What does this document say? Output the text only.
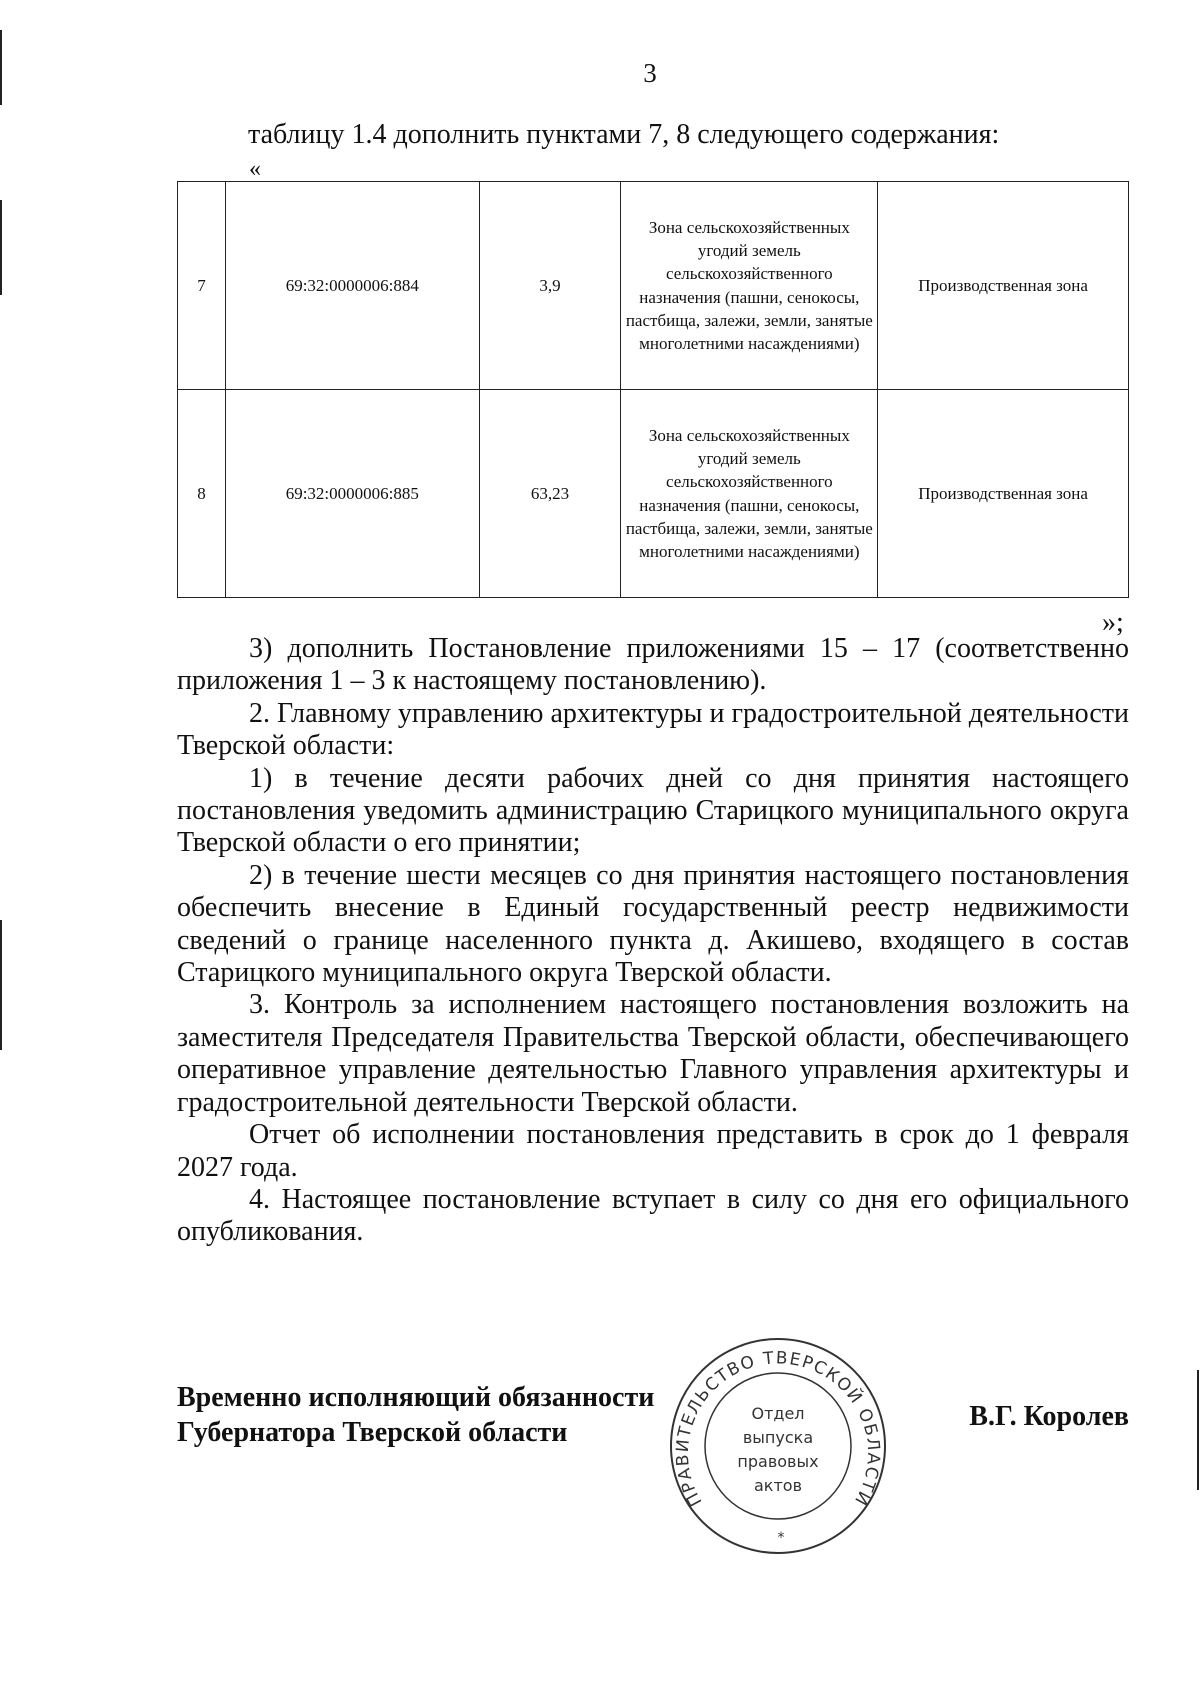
3
таблицу 1.4 дополнить пунктами 7, 8 следующего содержания:
«
7	69:32:0000006:884	3,9	Зона сельскохозяйственных угодий земель сельскохозяйственного назначения (пашни, сенокосы, пастбища, залежи, земли, занятые многолетними насаждениями)	Производственная зона
8	69:32:0000006:885	63,23	Зона сельскохозяйственных угодий земель сельскохозяйственного назначения (пашни, сенокосы, пастбища, залежи, земли, занятые многолетними насаждениями)	Производственная зона
»;

3) дополнить Постановление приложениями 15 – 17 (соответственно приложения 1 – 3 к настоящему постановлению).

2. Главному управлению архитектуры и градостроительной деятельности Тверской области:

1) в течение десяти рабочих дней со дня принятия настоящего постановления уведомить администрацию Старицкого муниципального округа Тверской области о его принятии;

2) в течение шести месяцев со дня принятия настоящего постановления обеспечить внесение в Единый государственный реестр недвижимости сведений о границе населенного пункта д. Акишево, входящего в состав Старицкого муниципального округа Тверской области.

3. Контроль за исполнением настоящего постановления возложить на заместителя Председателя Правительства Тверской области, обеспечивающего оперативное управление деятельностью Главного управления архитектуры и градостроительной деятельности Тверской области.

Отчет об исполнении постановления представить в срок до 1 февраля 2027 года.

4. Настоящее постановление вступает в силу со дня его официального опубликования.

Временно исполняющий обязанности
Губернатора Тверской области
В.Г. Королев
ПРАВИТЕЛЬСТВО ТВЕРСКОЙ ОБЛАСТИ
Отдел
выпуска
правовых
актов
*
